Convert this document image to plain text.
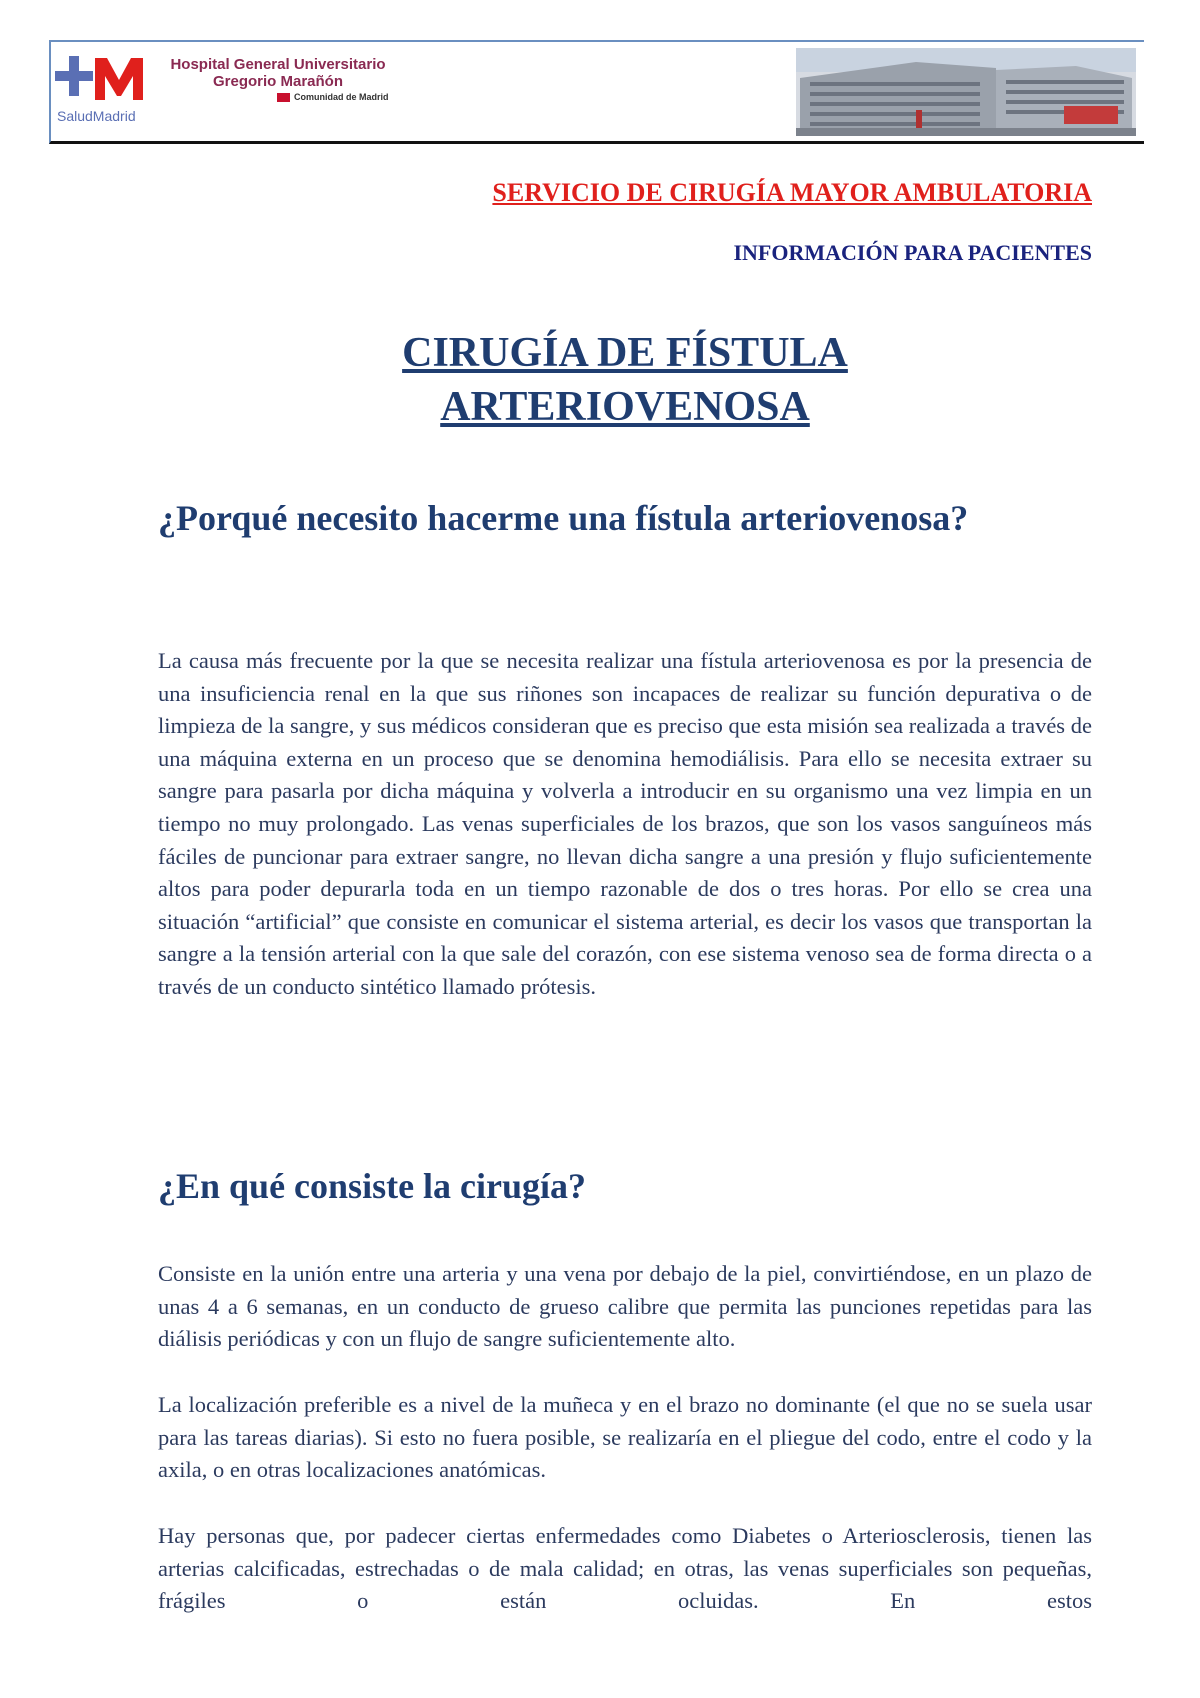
SaludMadrid
Hospital General Universitario
Gregorio Marañón
Comunidad de Madrid
SERVICIO DE CIRUGÍA MAYOR AMBULATORIA
INFORMACIÓN PARA PACIENTES
CIRUGÍA DE FÍSTULA
ARTERIOVENOSA
¿Porqué necesito hacerme una fístula arteriovenosa?

La causa más frecuente por la que se necesita realizar una fístula arteriovenosa es por la presencia de una insuficiencia renal en la que sus riñones son incapaces de realizar su función depurativa o de limpieza de la sangre, y sus médicos consideran que es preciso que esta misión sea realizada a través de una máquina externa en un proceso que se denomina hemodiálisis. Para ello se necesita extraer su sangre para pasarla por dicha máquina y volverla a introducir en su organismo una vez limpia en un tiempo no muy prolongado. Las venas superficiales de los brazos, que son los vasos sanguíneos más fáciles de puncionar para extraer sangre, no llevan dicha sangre a una presión y flujo suficientemente altos para poder depurarla toda en un tiempo razonable de dos o tres horas. Por ello se crea una situación “artificial” que consiste en comunicar el sistema arterial, es decir los vasos que transportan la sangre a la tensión arterial con la que sale del corazón, con ese sistema venoso sea de forma directa o a través de un conducto sintético llamado prótesis.

¿En qué consiste la cirugía?

Consiste en la unión entre una arteria y una vena por debajo de la piel, convirtiéndose, en un plazo de unas 4 a 6 semanas, en un conducto de grueso calibre que permita las punciones repetidas para las diálisis periódicas y con un flujo de sangre suficientemente alto.

La localización preferible es a nivel de la muñeca y en el brazo no dominante (el que no se suela usar para las tareas diarias). Si esto no fuera posible, se realizaría en el pliegue del codo, entre el codo y la axila, o en otras localizaciones anatómicas.

Hay personas que, por padecer ciertas enfermedades como Diabetes o Arteriosclerosis, tienen las arterias calcificadas, estrechadas o de mala calidad; en otras, las venas superficiales son pequeñas, frágiles o están ocluidas. En estos
